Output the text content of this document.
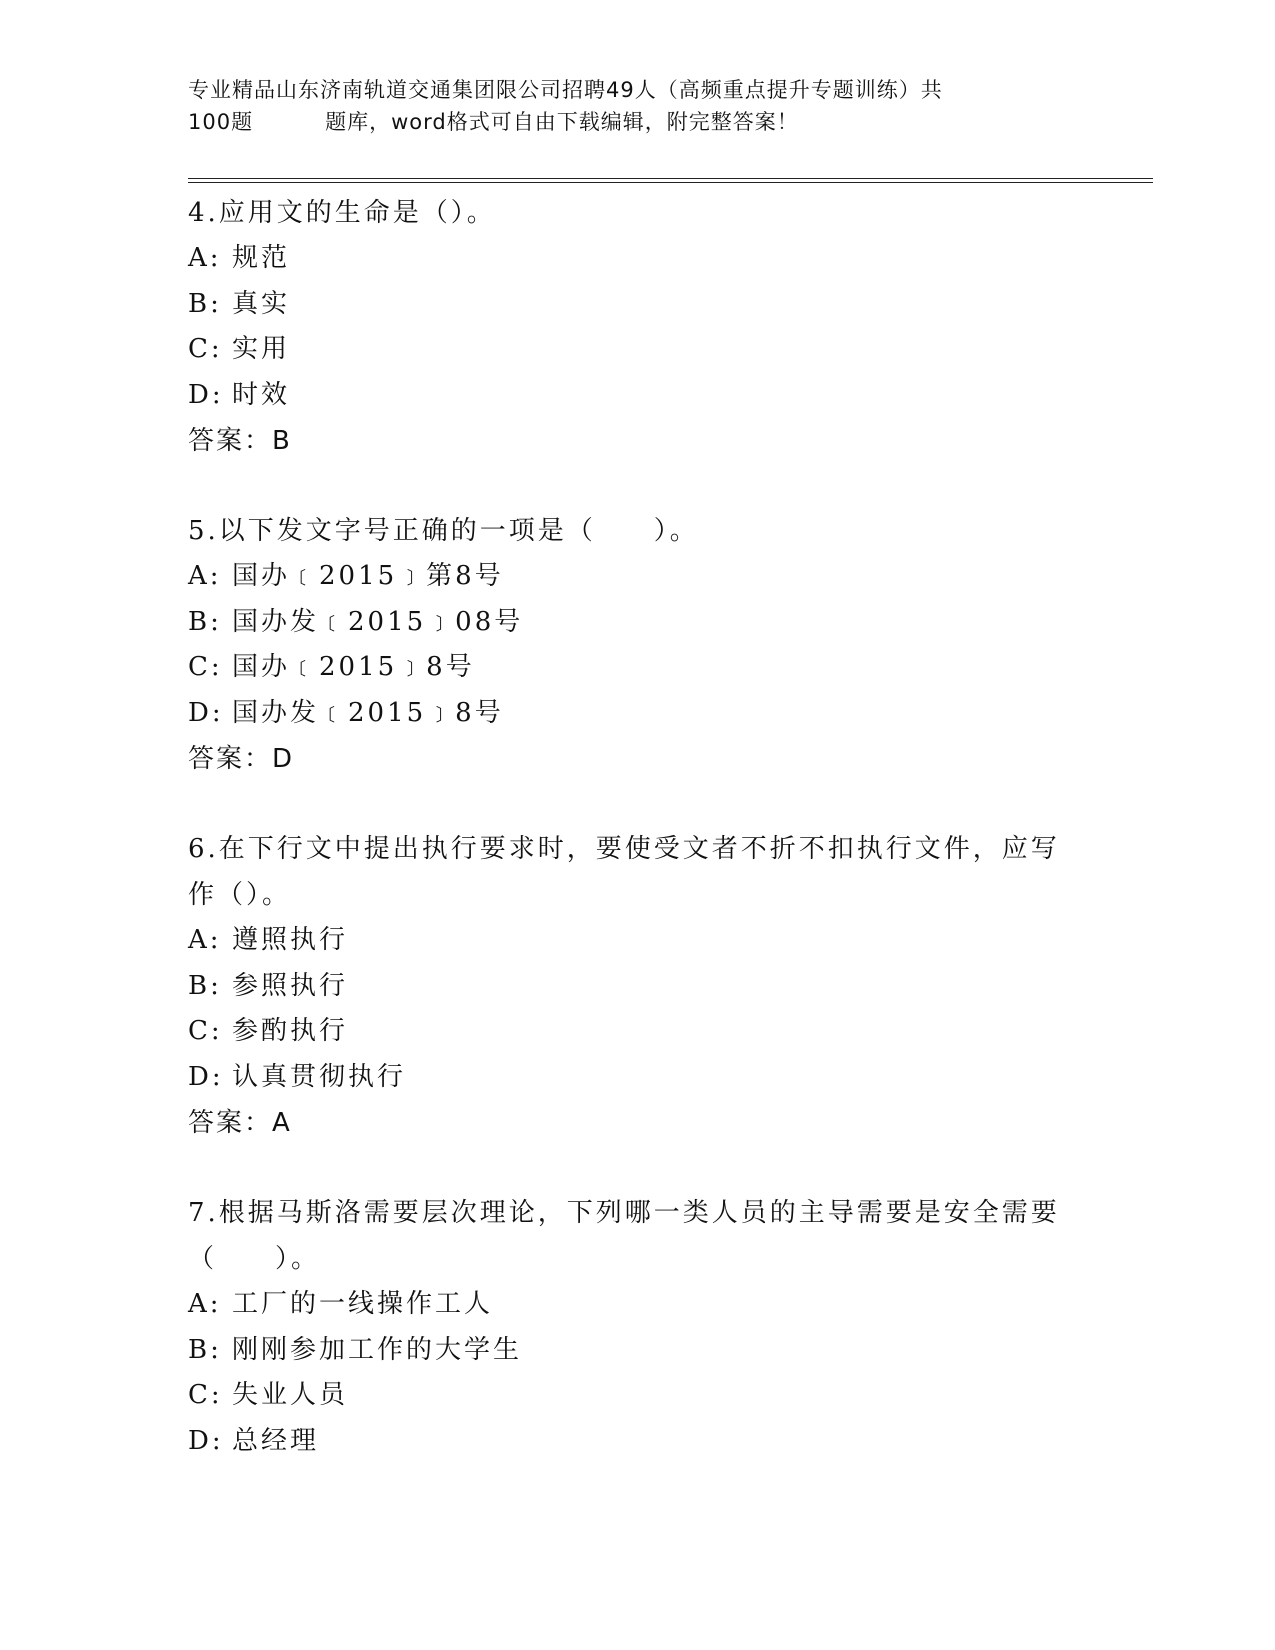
专业精品山东济南轨道交通集团限公司招聘49人（高频重点提升专题训练）共
100题	题库，word格式可自由下载编辑，附完整答案！
4.应用文的生命是（）。
A: 规范
B: 真实
C: 实用
D: 时效
答案：B
5.以下发文字号正确的一项是（　　）。
A: 国办﹝2015﹞第8号
B: 国办发﹝2015﹞08号
C: 国办﹝2015﹞8号
D: 国办发﹝2015﹞8号
答案：D
6.在下行文中提出执行要求时，要使受文者不折不扣执行文件，应写作（）。
A: 遵照执行
B: 参照执行
C: 参酌执行
D: 认真贯彻执行
答案：A
7.根据马斯洛需要层次理论，下列哪一类人员的主导需要是安全需要（　　）。
A: 工厂的一线操作工人
B: 刚刚参加工作的大学生
C: 失业人员
D: 总经理
